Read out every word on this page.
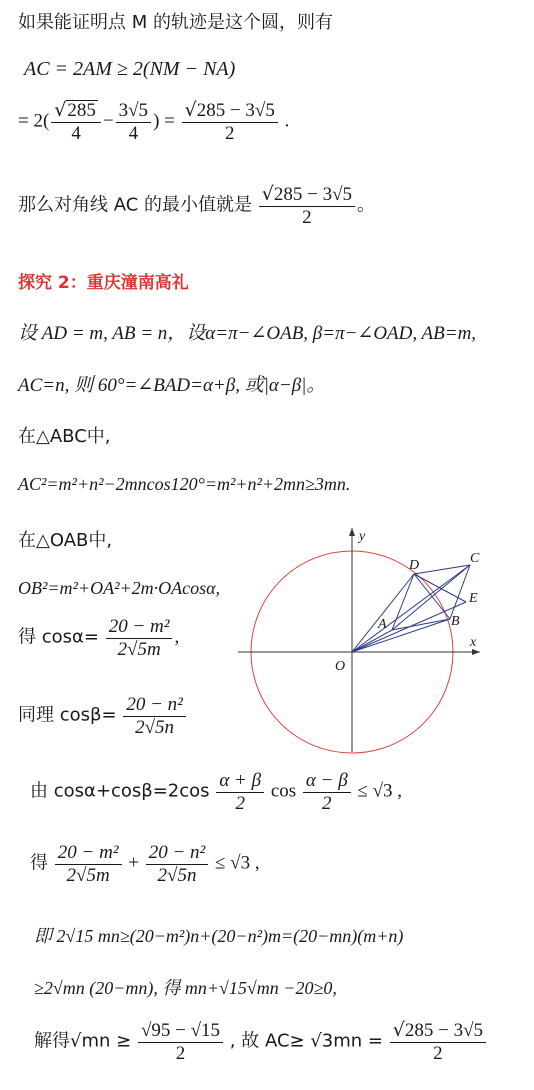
如果能证明点 M 的轨迹是这个圆，则有
AC = 2AM ≥ 2(NM − NA)
= $2( \frac{√285}{4} - \frac{3√5}{4}$ ) = $\frac{√285 - 3√5}{2}$ .
那么对角线 AC 的最小值就是 $\frac{√285 - 3√5}{2}$ 。
探究 2：重庆潼南高礼
设 AD = m, AB = n，设α=π−∠OAB, β=π−∠OAD, AB=m,
AC=n, 则 60°=∠BAD=α+β, 或|α−β|。
在△ABC中,
AC²=m²+n²−2mncos120°=m²+n²+2mn≥3mn.
在△OAB中,
OB²=m²+OA²+2m·OAcosα,
得 $\cos\alpha= \frac{\text{20 − m²}}{2√5m}$ ,
同理 $\cos\beta= \frac{\text{20 − n²}}{2√5n}$
y
x
O
A	B
C
D
E
由 $\cos\alpha+\cos\beta=2\cos \frac{\alpha + \beta}{2}$ $\cos \frac{\alpha - \beta}{2} \le √3$ ,
得 $\frac{\text{20 − m²}}{2√5m} + \frac{\text{20 − n²}}{2√5n} \le √3$ ,
即 2√15 mn≥(20−m²)n+(20−n²)m=(20−mn)(m+n)
≥2√mn (20−mn), 得 mn+√15√mn −20≥0,
解得$√mn \ge \frac{√95 - √15}{2}$ , 故 $AC\ge √3mn = \frac{√285 - 3√5}{2}$
